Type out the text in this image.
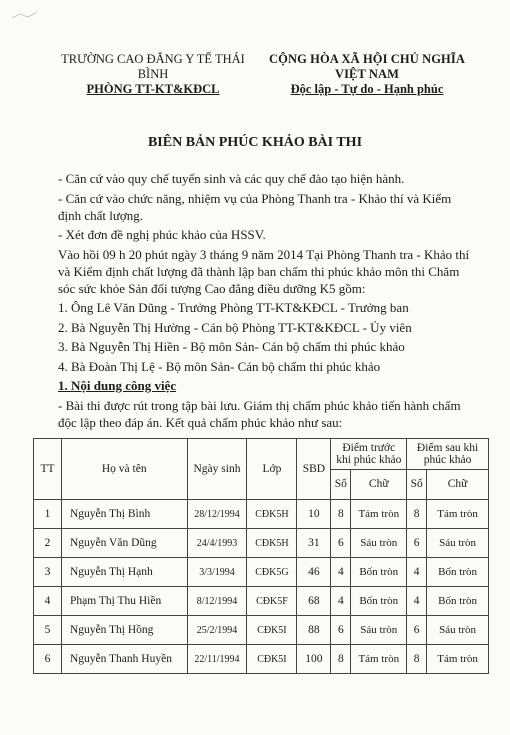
TRƯỜNG CAO ĐẲNG Y TẾ THÁI BÌNH
PHÒNG TT-KT&KĐCL
CỘNG HÒA XÃ HỘI CHỦ NGHĨA VIỆT NAM
Độc lập - Tự do - Hạnh phúc
BIÊN BẢN PHÚC KHẢO BÀI THI

- Căn cứ vào quy chế tuyển sinh và các quy chế đào tạo hiện hành.

- Căn cứ vào chức năng, nhiệm vụ của Phòng Thanh tra - Khảo thí và Kiểm định chất lượng.

- Xét đơn đề nghị phúc khảo của HSSV.

Vào hồi 09 h 20 phút ngày 3 tháng 9 năm 2014 Tại Phòng Thanh tra - Khảo thí và Kiểm định chất lượng đã thành lập ban chấm thi phúc khảo môn thi Chăm sóc sức khỏe Sản đối tượng Cao đẳng điều dưỡng K5 gồm:

1. Ông Lê Văn Dũng - Trưởng Phòng TT-KT&KĐCL - Trưởng ban

2. Bà Nguyễn Thị Hường - Cán bộ Phòng TT-KT&KĐCL - Ủy viên

3. Bà Nguyễn Thị Hiền - Bộ môn Sản- Cán bộ chấm thi phúc khảo

4. Bà Đoàn Thị Lệ - Bộ môn Sản- Cán bộ chấm thi phúc khảo

1. Nội dung công việc

- Bài thi được rút trong tập bài lưu. Giám thị chấm phúc khảo tiến hành chấm độc lập theo đáp án. Kết quả chấm phúc khảo như sau:

TT	Họ và tên	Ngày sinh	Lớp	SBD	Điểm trước khi phúc khảo		Điểm sau khi phúc khảo	
					Số	Chữ	Số	Chữ
1	Nguyễn Thị Bình	28/12/1994	CĐK5H	10	8	Tám tròn	8	Tám tròn
2	Nguyễn Văn Dũng	24/4/1993	CĐK5H	31	6	Sáu tròn	6	Sáu tròn
3	Nguyễn Thị Hạnh	3/3/1994	CĐK5G	46	4	Bốn tròn	4	Bốn tròn
4	Phạm Thị Thu Hiền	8/12/1994	CĐK5F	68	4	Bốn tròn	4	Bốn tròn
5	Nguyễn Thị Hồng	25/2/1994	CĐK5I	88	6	Sáu tròn	6	Sáu tròn
6	Nguyễn Thanh Huyền	22/11/1994	CĐK5I	100	8	Tám tròn	8	Tám tròn
